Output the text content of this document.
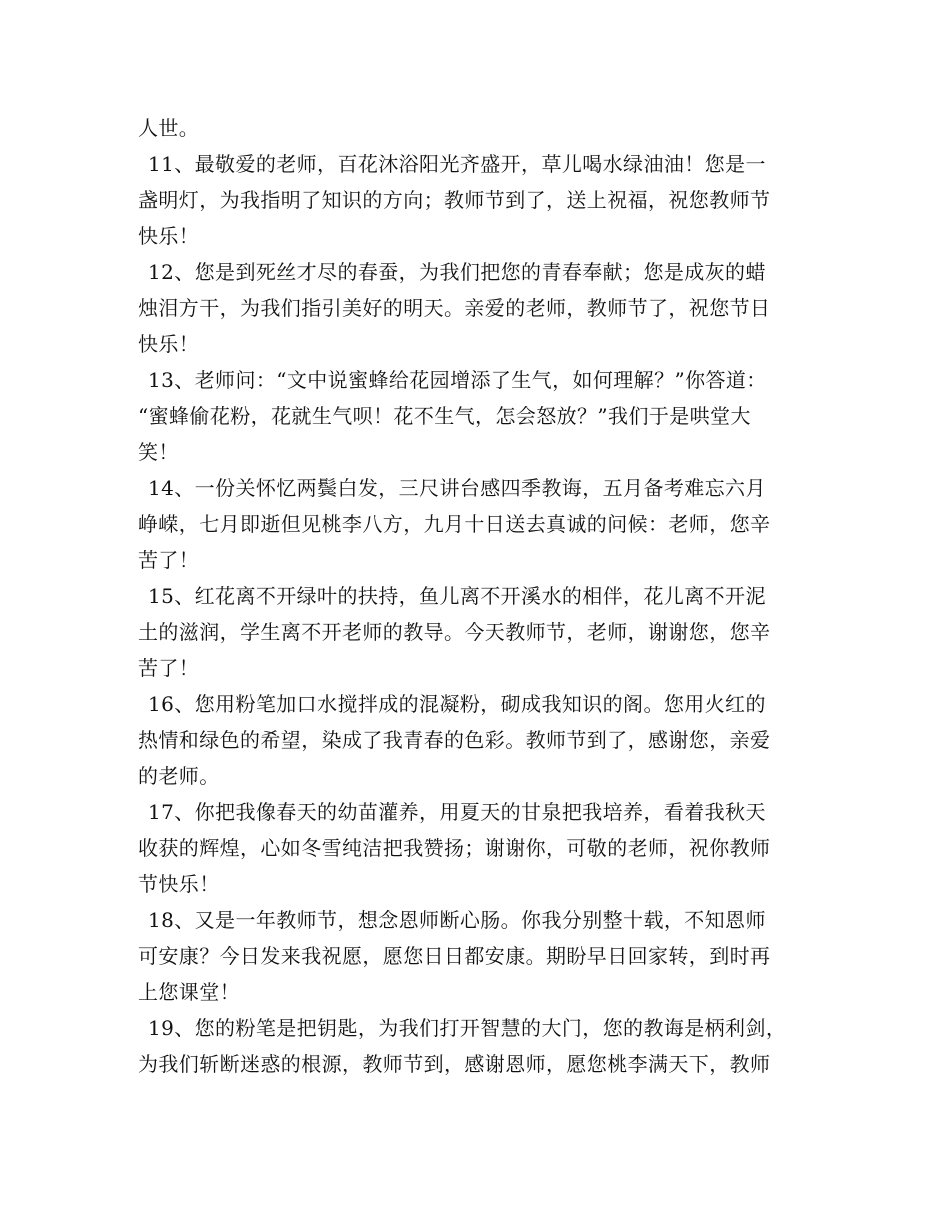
人世。
11、最敬爱的老师，百花沐浴阳光齐盛开，草儿喝水绿油油！您是一
盏明灯，为我指明了知识的方向；教师节到了，送上祝福，祝您教师节
快乐！
12、您是到死丝才尽的春蚕，为我们把您的青春奉献；您是成灰的蜡
烛泪方干，为我们指引美好的明天。亲爱的老师，教师节了，祝您节日
快乐！
13、老师问：“文中说蜜蜂给花园增添了生气，如何理解？”你答道：
“蜜蜂偷花粉，花就生气呗！花不生气，怎会怒放？”我们于是哄堂大
笑！
14、一份关怀忆两鬓白发，三尺讲台感四季教诲，五月备考难忘六月
峥嵘，七月即逝但见桃李八方，九月十日送去真诚的问候：老师，您辛
苦了！
15、红花离不开绿叶的扶持，鱼儿离不开溪水的相伴，花儿离不开泥
土的滋润，学生离不开老师的教导。今天教师节，老师，谢谢您，您辛
苦了！
16、您用粉笔加口水搅拌成的混凝粉，砌成我知识的阁。您用火红的
热情和绿色的希望，染成了我青春的色彩。教师节到了，感谢您，亲爱
的老师。
17、你把我像春天的幼苗灌养，用夏天的甘泉把我培养，看着我秋天
收获的辉煌，心如冬雪纯洁把我赞扬；谢谢你，可敬的老师，祝你教师
节快乐！
18、又是一年教师节，想念恩师断心肠。你我分别整十载，不知恩师
可安康？今日发来我祝愿，愿您日日都安康。期盼早日回家转，到时再
上您课堂！
19、您的粉笔是把钥匙，为我们打开智慧的大门，您的教诲是柄利剑，
为我们斩断迷惑的根源，教师节到，感谢恩师，愿您桃李满天下，教师
